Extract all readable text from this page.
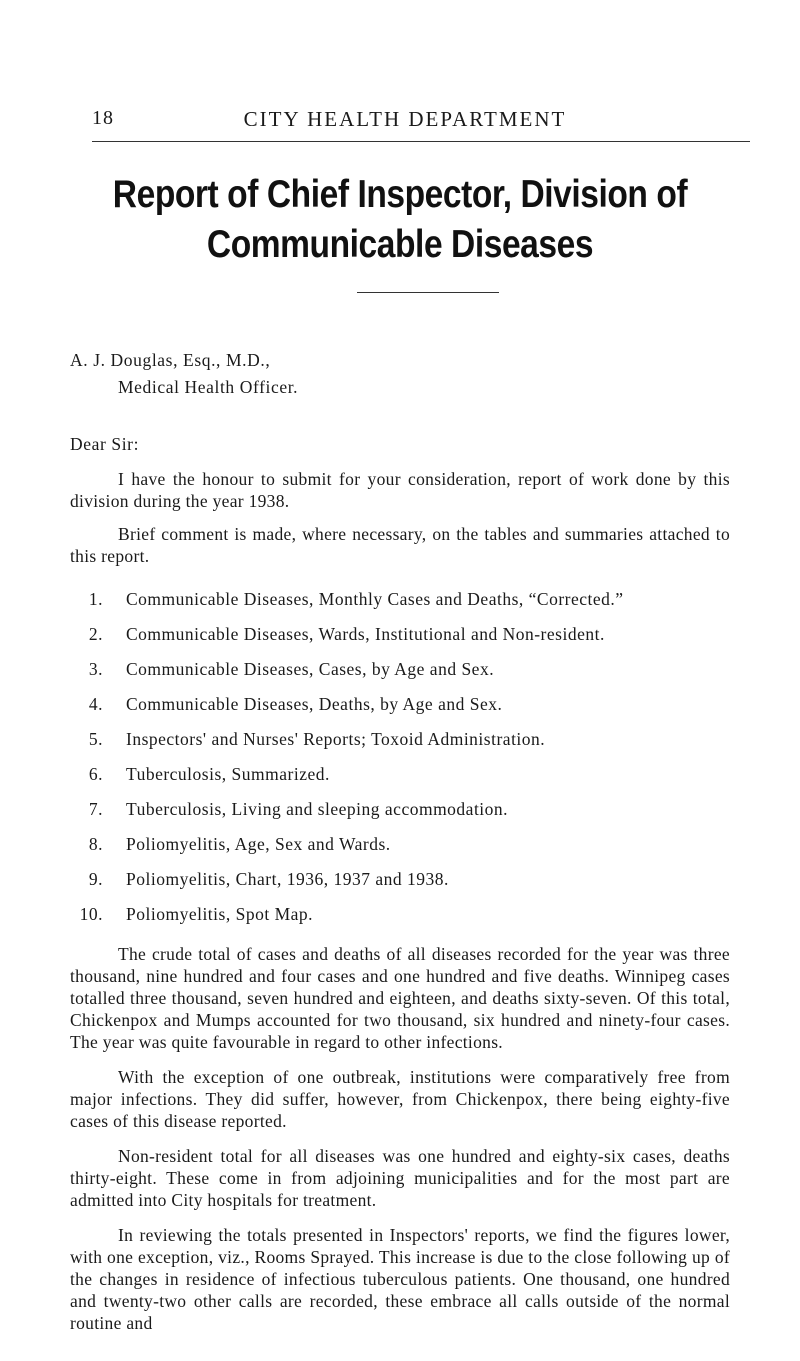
18	CITY HEALTH DEPARTMENT
Report of Chief Inspector, Division of
Communicable Diseases
A. J. Douglas, Esq., M.D.,
Medical Health Officer.
Dear Sir:

I have the honour to submit for your consideration, report of work done by this division during the year 1938.

Brief comment is made, where necessary, on the tables and summaries attached to this report.

1. Communicable Diseases, Monthly Cases and Deaths, “Corrected.”
2. Communicable Diseases, Wards, Institutional and Non-resident.
3. Communicable Diseases, Cases, by Age and Sex.
4. Communicable Diseases, Deaths, by Age and Sex.
5. Inspectors' and Nurses' Reports; Toxoid Administration.
6. Tuberculosis, Summarized.
7. Tuberculosis, Living and sleeping accommodation.
8. Poliomyelitis, Age, Sex and Wards.
9. Poliomyelitis, Chart, 1936, 1937 and 1938.
10. Poliomyelitis, Spot Map.

The crude total of cases and deaths of all diseases recorded for the year was three thousand, nine hundred and four cases and one hundred and five deaths. Winnipeg cases totalled three thousand, seven hundred and eighteen, and deaths sixty-seven. Of this total, Chickenpox and Mumps accounted for two thousand, six hundred and ninety-four cases. The year was quite favourable in regard to other infections.

With the exception of one outbreak, institutions were comparatively free from major infections. They did suffer, however, from Chickenpox, there being eighty-five cases of this disease reported.

Non-resident total for all diseases was one hundred and eighty-six cases, deaths thirty-eight. These come in from adjoining municipalities and for the most part are admitted into City hospitals for treatment.

In reviewing the totals presented in Inspectors' reports, we find the figures lower, with one exception, viz., Rooms Sprayed. This increase is due to the close following up of the changes in residence of infectious tuberculous patients. One thousand, one hundred and twenty-two other calls are recorded, these embrace all calls outside of the normal routine and
